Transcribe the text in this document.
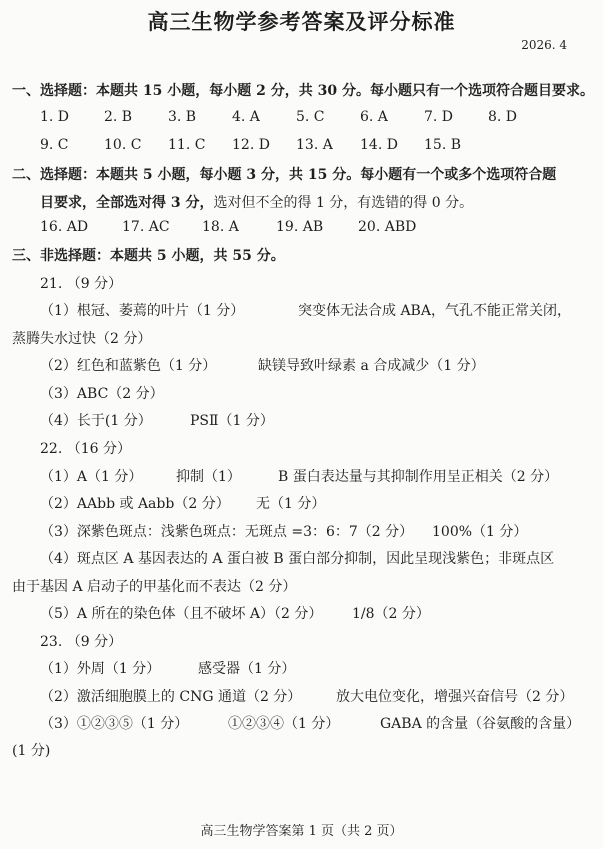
高三生物学参考答案及评分标准
2026. 4
一、选择题：本题共 15 小题，每小题 2 分，共 30 分。每小题只有一个选项符合题目要求。
1. D 2. B	3. B	4. A	5. C	6. A	7. D 8. D
9. C	10. C 11. C 12. D 13. A 14. D 15. B
二、选择题：本题共 5 小题，每小题 3 分，共 15 分。每小题有一个或多个选项符合题
目要求，全部选对得 3 分，选对但不全的得 1 分，有选错的得 0 分。
16. AD 17. AC 18. A	19. AB 20. ABD
三、非选择题：本题共 5 小题，共 55 分。
21. （9 分）
（1）根冠、萎蔫的叶片（1 分）	突变体无法合成 ABA，气孔不能正常关闭，
蒸腾失水过快（2 分）
（2）红色和蓝紫色（1 分）	缺镁导致叶绿素 a 合成减少（1 分）
（3）ABC（2 分）
（4）长于(1 分）	PSⅡ（1 分）
22. （16 分）
（1）A（1 分） 抑制（1）	B 蛋白表达量与其抑制作用呈正相关（2 分）
（2）AAbb 或 Aabb（2 分） 无（1 分）
（3）深紫色斑点：浅紫色斑点：无斑点 =3：6：7（2 分） 100%（1 分）
（4）斑点区 A 基因表达的 A 蛋白被 B 蛋白部分抑制，因此呈现浅紫色；非斑点区
由于基因 A 启动子的甲基化而不表达（2 分）
（5）A 所在的染色体（且不破坏 A）（2 分） 1/8（2 分）
23. （9 分）
（1）外周（1 分）	感受器（1 分）
（2）激活细胞膜上的 CNG 通道（2 分） 放大电位变化，增强兴奋信号（2 分）
（3）①②③⑤（1 分）	①②③④（1 分）	GABA 的含量（谷氨酸的含量）
(1 分)
高三生物学答案第 1 页（共 2 页）
